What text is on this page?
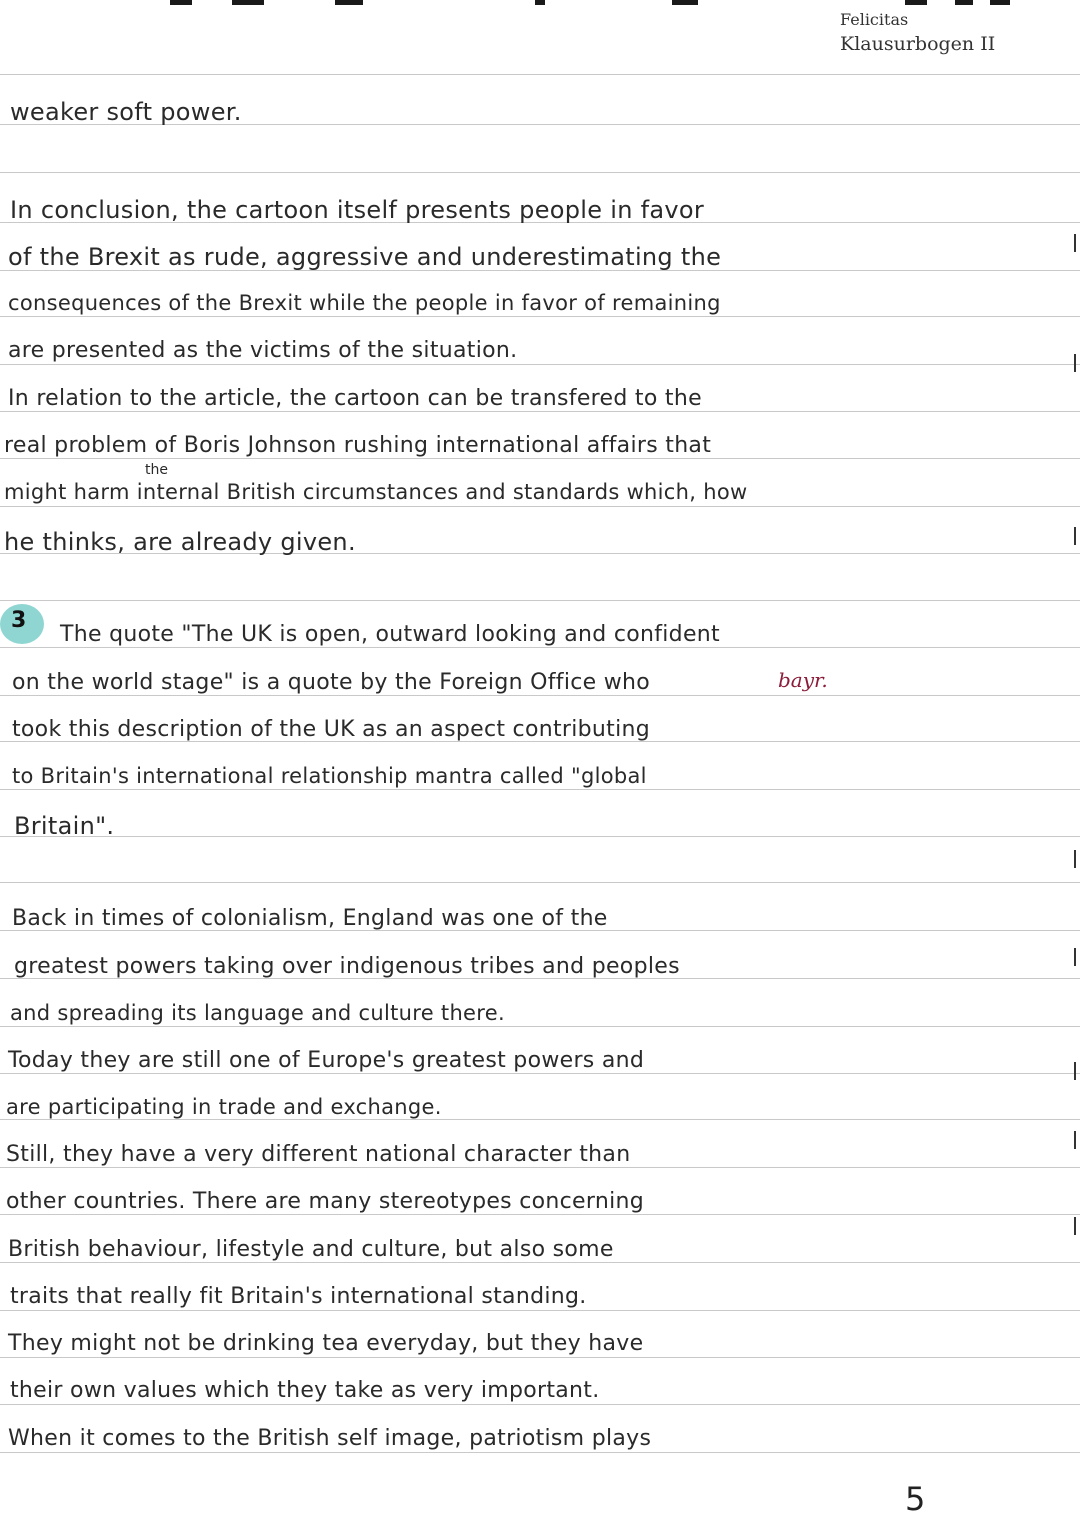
Felicitas
Klausurbogen II
weaker soft power.
In conclusion, the cartoon itself presents people in favor
of the Brexit as rude, aggressive and underestimating the
consequences of the Brexit while the people in favor of remaining
are presented as the victims of the situation.
In relation to the article, the cartoon can be transfered to the
real problem of Boris Johnson rushing international affairs that
the
might harm internal British circumstances and standards which, how
he thinks, are already given.
3
The quote "The UK is open, outward looking and confident
on the world stage" is a quote by the Foreign Office who	bayr.
took this description of the UK as an aspect contributing
to Britain's international relationship mantra called "global
Britain".
Back in times of colonialism, England was one of the
greatest powers taking over indigenous tribes and peoples
and spreading its language and culture there.
Today they are still one of Europe's greatest powers and
are participating in trade and exchange.
Still, they have a very different national character than
other countries. There are many stereotypes concerning
British behaviour, lifestyle and culture, but also some
traits that really fit Britain's international standing.
They might not be drinking tea everyday, but they have
their own values which they take as very important.
When it comes to the British self image, patriotism plays
5
